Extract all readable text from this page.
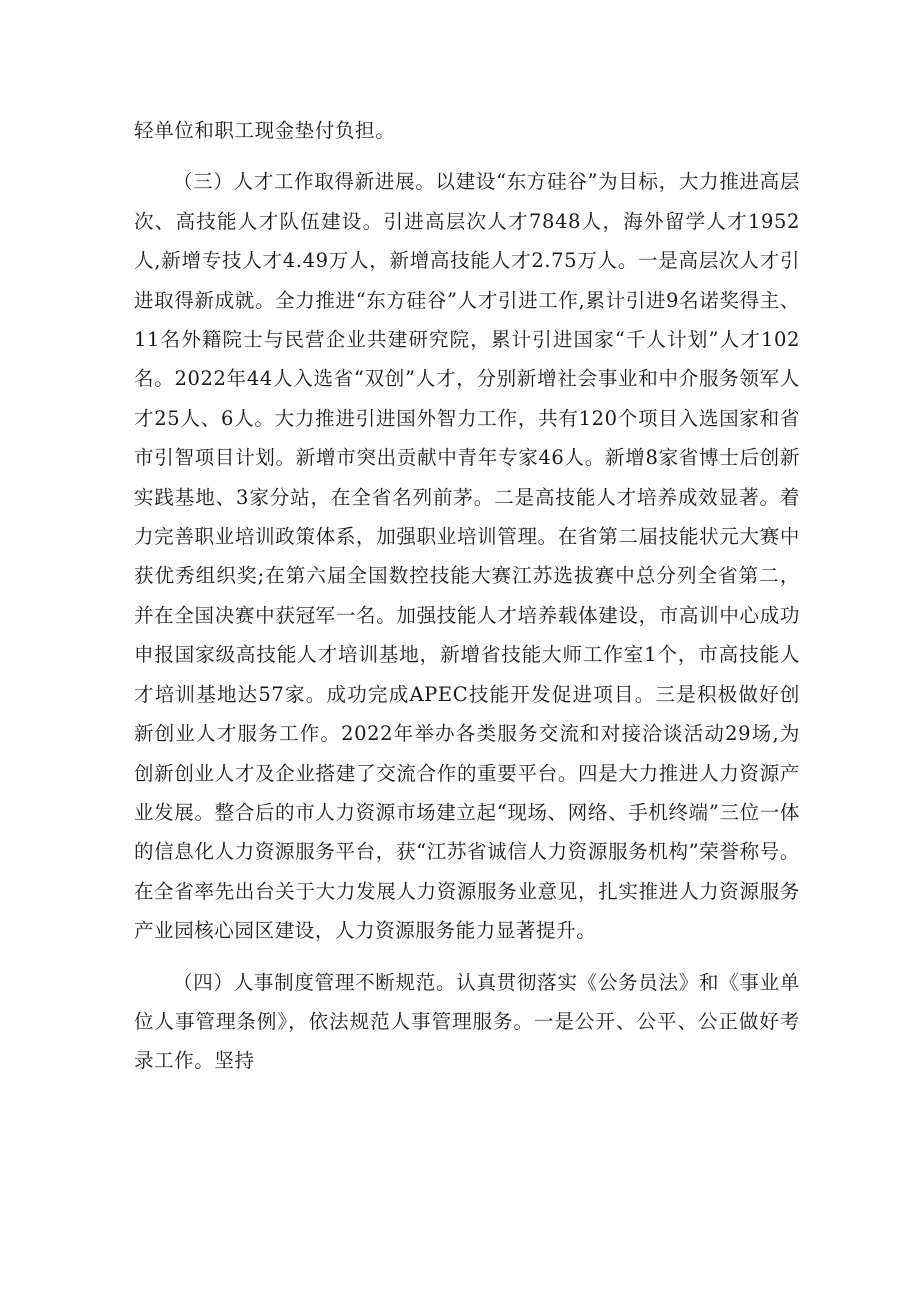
轻单位和职工现金垫付负担。

（三）人才工作取得新进展。以建设“东方硅谷”为目标，大力推进高层次、高技能人才队伍建设。引进高层次人才7848人，海外留学人才1952人,新增专技人才4.49万人，新增高技能人才2.75万人。一是高层次人才引进取得新成就。全力推进“东方硅谷”人才引进工作,累计引进9名诺奖得主、11名外籍院士与民营企业共建研究院，累计引进国家“千人计划”人才102名。2022年44人入选省“双创”人才，分别新增社会事业和中介服务领军人才25人、6人。大力推进引进国外智力工作，共有120个项目入选国家和省市引智项目计划。新增市突出贡献中青年专家46人。新增8家省博士后创新实践基地、3家分站，在全省名列前茅。二是高技能人才培养成效显著。着力完善职业培训政策体系，加强职业培训管理。在省第二届技能状元大赛中获优秀组织奖;在第六届全国数控技能大赛江苏选拔赛中总分列全省第二，并在全国决赛中获冠军一名。加强技能人才培养载体建设，市高训中心成功申报国家级高技能人才培训基地，新增省技能大师工作室1个，市高技能人才培训基地达57家。成功完成APEC技能开发促进项目。三是积极做好创新创业人才服务工作。2022年举办各类服务交流和对接洽谈活动29场,为创新创业人才及企业搭建了交流合作的重要平台。四是大力推进人力资源产业发展。整合后的市人力资源市场建立起“现场、网络、手机终端”三位一体的信息化人力资源服务平台，获“江苏省诚信人力资源服务机构”荣誉称号。在全省率先出台关于大力发展人力资源服务业意见，扎实推进人力资源服务产业园核心园区建设，人力资源服务能力显著提升。

（四）人事制度管理不断规范。认真贯彻落实《公务员法》和《事业单位人事管理条例》，依法规范人事管理服务。一是公开、公平、公正做好考录工作。坚持
